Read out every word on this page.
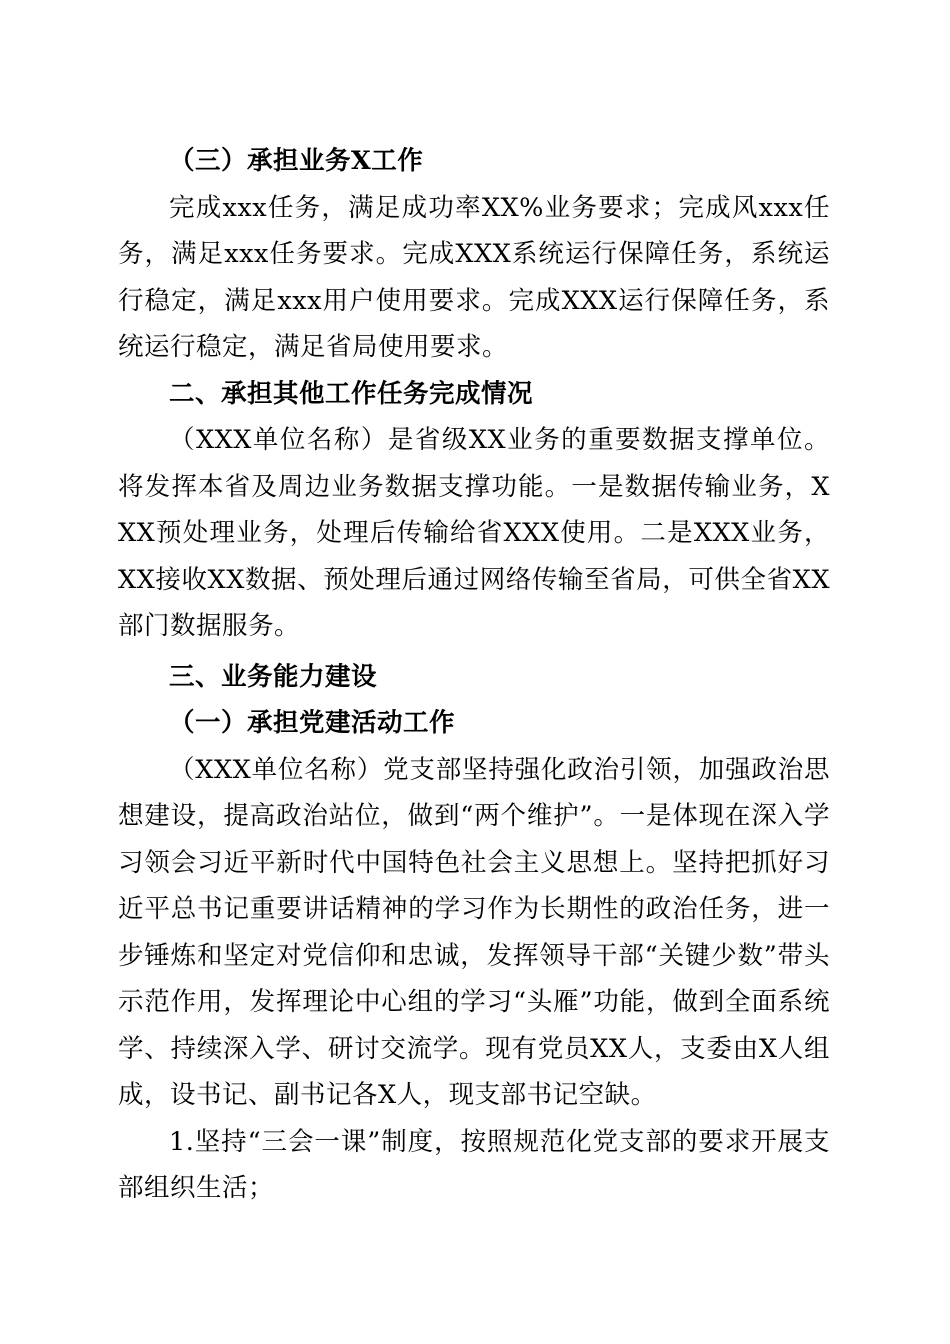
（三）承担业务X工作

完成xxx任务，满足成功率XX%业务要求；完成风xxx任务，满足xxx任务要求。完成XXX系统运行保障任务，系统运行稳定，满足xxx用户使用要求。完成XXX运行保障任务，系统运行稳定，满足省局使用要求。

二、承担其他工作任务完成情况

（XXX单位名称）是省级XX业务的重要数据支撑单位。将发挥本省及周边业务数据支撑功能。一是数据传输业务，XXX预处理业务，处理后传输给省XXX使用。二是XXX业务，XX接收XX数据、预处理后通过网络传输至省局，可供全省XX部门数据服务。

三、业务能力建设

（一）承担党建活动工作

（XXX单位名称）党支部坚持强化政治引领，加强政治思想建设，提高政治站位，做到“两个维护”。一是体现在深入学习领会习近平新时代中国特色社会主义思想上。坚持把抓好习近平总书记重要讲话精神的学习作为长期性的政治任务，进一步锤炼和坚定对党信仰和忠诚，发挥领导干部“关键少数”带头示范作用，发挥理论中心组的学习“头雁”功能，做到全面系统学、持续深入学、研讨交流学。现有党员XX人，支委由X人组成，设书记、副书记各X人，现支部书记空缺。

1.坚持“三会一课”制度，按照规范化党支部的要求开展支部组织生活；
